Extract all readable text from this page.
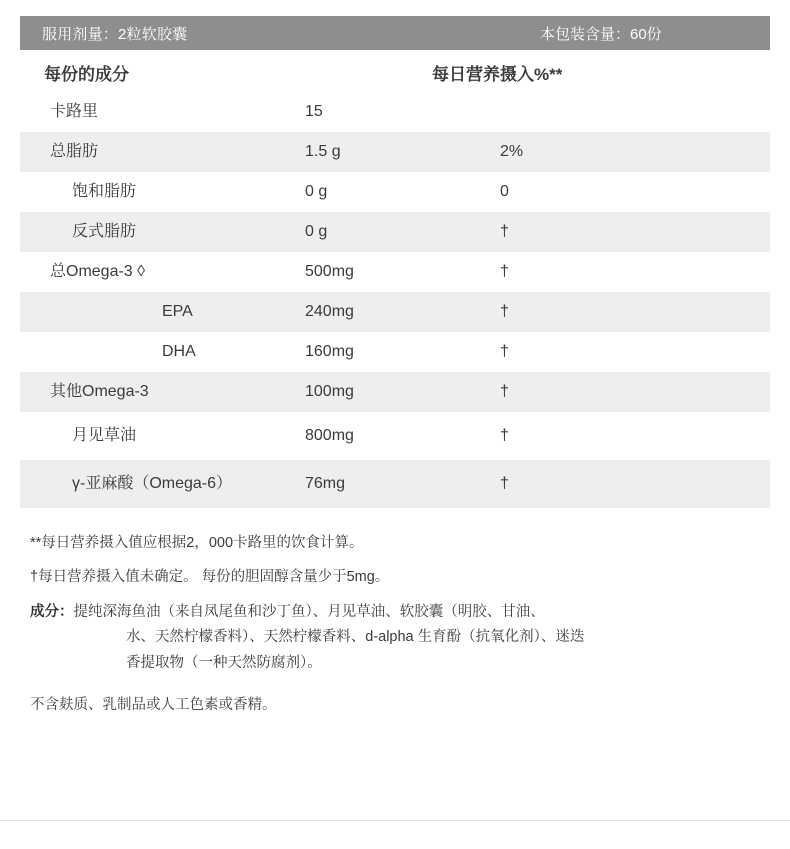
服用剂量：2粒软胶囊	本包装含量：60份
每份的成分	每日营养摄入%**
卡路里	15
总脂肪	1.5 g	2%
饱和脂肪	0 g	0
反式脂肪	0 g	†
总Omega-3 ◊	500mg	†
EPA	240mg	†
DHA	160mg	†
其他Omega-3	100mg	†
月见草油	800mg	†
γ-亚麻酸（Omega-6）	76mg	†

**每日营养摄入值应根据2，000卡路里的饮食计算。

†每日营养摄入值未确定。 每份的胆固醇含量少于5mg。

成分：提纯深海鱼油（来自凤尾鱼和沙丁鱼）、月见草油、软胶囊（明胶、甘油、
水、天然柠檬香料）、天然柠檬香料、d-alpha 生育酚（抗氧化剂）、迷迭
香提取物（一种天然防腐剂）。

不含麸质、乳制品或人工色素或香精。
